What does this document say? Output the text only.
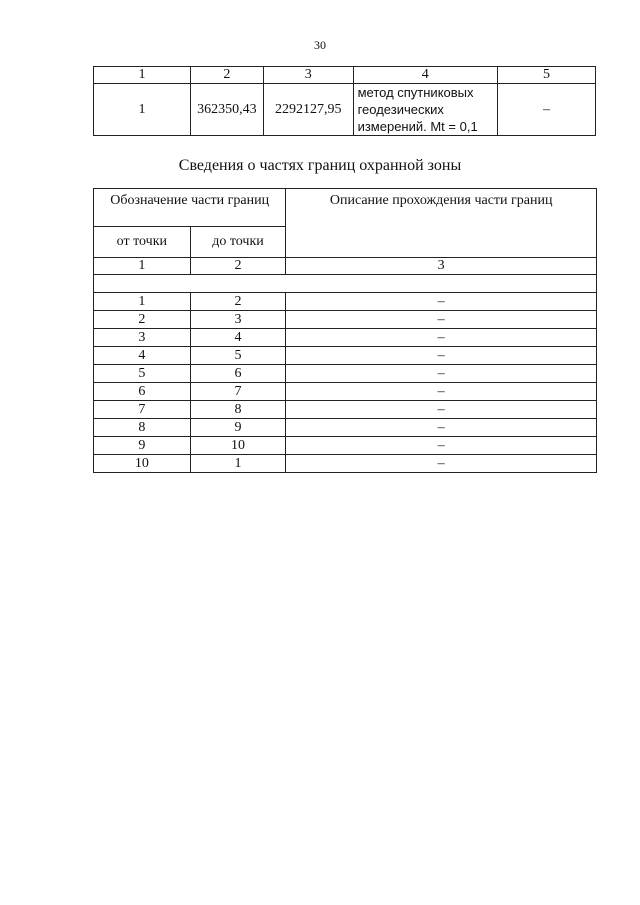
30
1	2	3	4	5
1	362350,43	2292127,95	метод спутниковых
геодезических
измерений. Mt = 0,1	–
Сведения о частях границ охранной зоны
Обозначение части границ		Описание прохождения части границ
от точки	до точки	
1	2	3

1	2	–
2	3	–
3	4	–
4	5	–
5	6	–
6	7	–
7	8	–
8	9	–
9	10	–
10	1	–
